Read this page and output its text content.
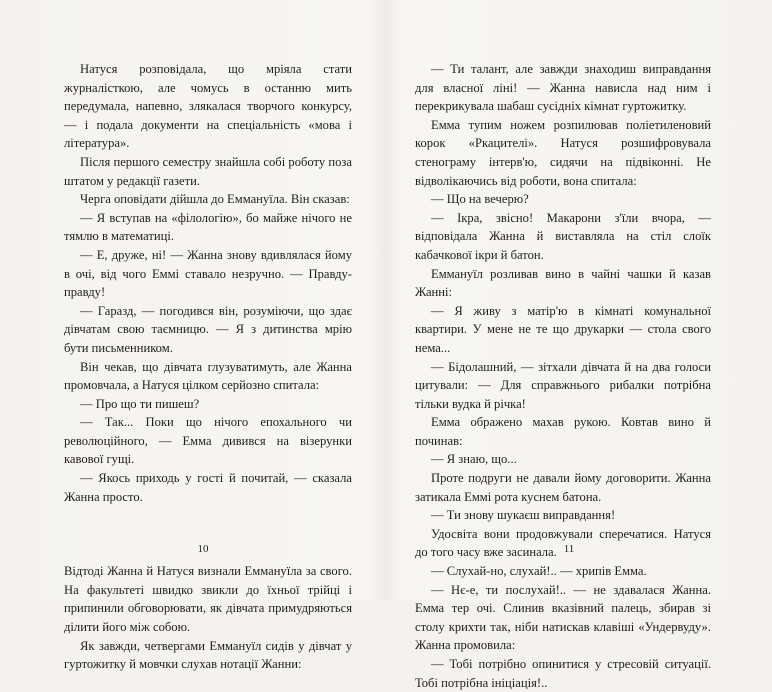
Натуся розповідала, що мріяла стати журналісткою, але чомусь в останню мить передумала, напевно, злякалася творчого конкурсу, — і подала документи на спеціальність «мова і література».

Після першого семестру знайшла собі роботу поза штатом у редакції газети.

Черга оповідати дійшла до Еммануїла. Він сказав:

— Я вступав на «філологію», бо майже нічого не тямлю в математиці.

— Е, друже, ні! — Жанна знову вдивлялася йому в очі, від чого Еммі ставало незручно. — Правду-правду!

— Гаразд, — погодився він, розуміючи, що здає дівчатам свою таємницю. — Я з дитинства мрію бути письменником.

Він чекав, що дівчата глузуватимуть, але Жанна промовчала, а Натуся цілком серйозно спитала:

— Про що ти пишеш?

— Так... Поки що нічого епохального чи революційного, — Емма дивився на візерунки кавової гущі.

— Якось приходь у гості й почитай, — сказала Жанна просто.

Відтоді Жанна й Натуся визнали Еммануїла за свого. На факультеті швидко звикли до їхньої трійці і припинили обговорювати, як дівчата примудряються ділити його між собою.

Як завжди, четвергами Еммануїл сидів у дівчат у гуртожитку й мовчки слухав нотації Жанни:

10

— Ти талант, але завжди знаходиш виправдання для власної ліні! — Жанна нависла над ним і перекрикувала шабаш сусідніх кімнат гуртожитку.

Емма тупим ножем розпилював поліетиленовий корок «Ркацителі». Натуся розшифровувала стенограму інтерв'ю, сидячи на підвіконні. Не відволікаючись від роботи, вона спитала:

— Що на вечерю?

— Ікра, звісно! Макарони з'їли вчора, — відповідала Жанна й виставляла на стіл слоїк кабачкової ікри й батон.

Еммануїл розливав вино в чайні чашки й казав Жанні:

— Я живу з матір'ю в кімнаті комунальної квартири. У мене не те що друкарки — стола свого нема...

— Бідолашний, — зітхали дівчата й на два голоси цитували: — Для справжнього рибалки потрібна тільки вудка й річка!

Емма ображено махав рукою. Ковтав вино й починав:

— Я знаю, що...

Проте подруги не давали йому договорити. Жанна затикала Еммі рота куснем батона.

— Ти знову шукаєш виправдання!

Удосвіта вони продовжували сперечатися. Натуся до того часу вже засинала.

— Слухай-но, слухай!.. — хрипів Емма.

— Нє-е, ти послухай!.. — не здавалася Жанна. Емма тер очі. Слинив вказівний палець, збирав зі столу крихти так, ніби натискав клавіші «Ундервуду». Жанна промовила:

— Тобі потрібно опинитися у стресовій ситуації. Тобі потрібна ініціація!..

11
